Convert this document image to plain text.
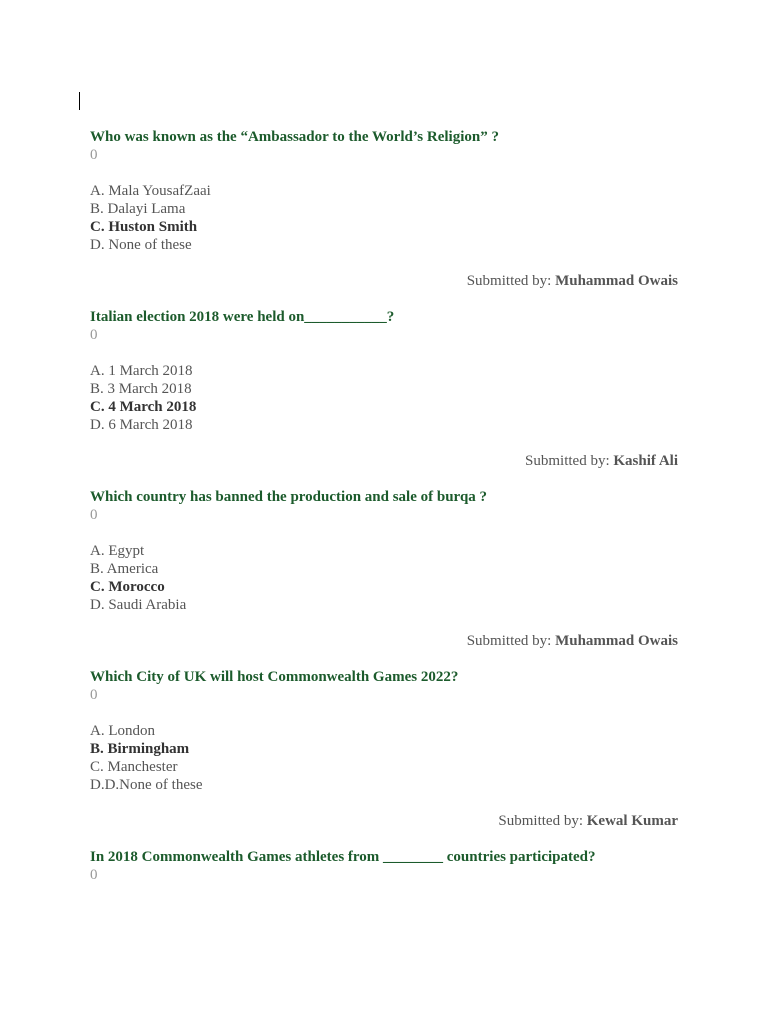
Who was known as the “Ambassador to the World’s Religion” ?
0
A. Mala YousafZaai
B. Dalayi Lama
C. Huston Smith
D. None of these
Submitted by: Muhammad Owais
Italian election 2018 were held on___________?
0
A. 1 March 2018
B. 3 March 2018
C. 4 March 2018
D. 6 March 2018
Submitted by: Kashif Ali
Which country has banned the production and sale of burqa ?
0
A. Egypt
B. America
C. Morocco
D. Saudi Arabia
Submitted by: Muhammad Owais
Which City of UK will host Commonwealth Games 2022?
0
A. London
B. Birmingham
C. Manchester
D.D.None of these
Submitted by: Kewal Kumar
In 2018 Commonwealth Games athletes from ________ countries participated?
0
